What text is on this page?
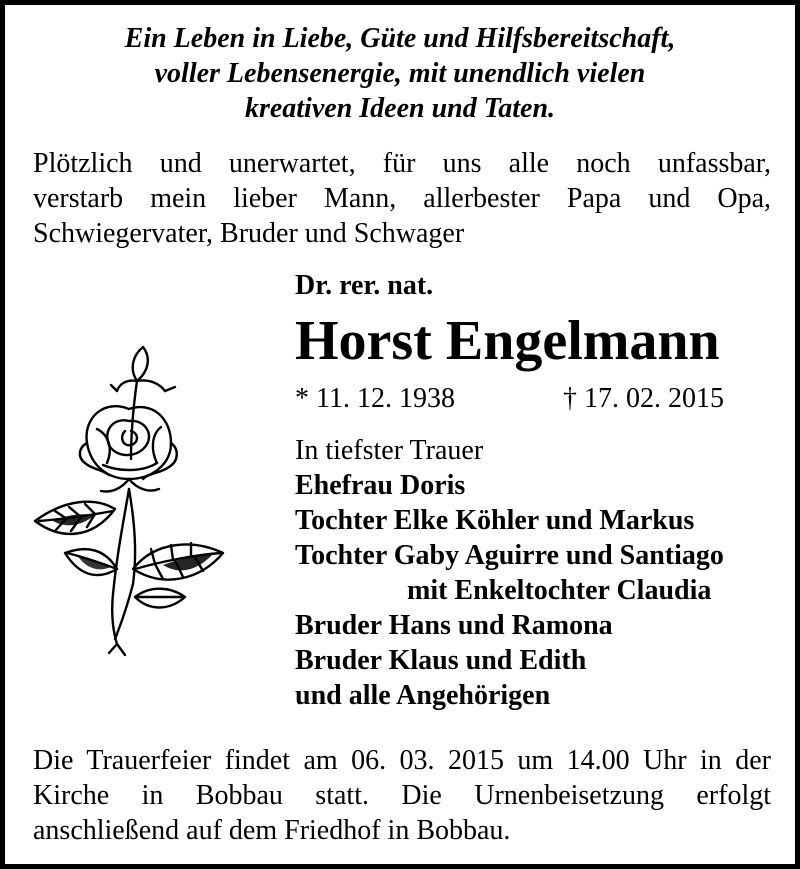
Ein Leben in Liebe, Güte und Hilfsbereitschaft,
voller Lebensenergie, mit unendlich vielen
kreativen Ideen und Taten.
Plötzlich und unerwartet, für uns alle noch unfassbar,
verstarb mein lieber Mann, allerbester Papa und Opa,
Schwiegervater, Bruder und Schwager
Dr. rer. nat.
Horst Engelmann
* 11. 12. 1938	† 17. 02. 2015
In tiefster Trauer
Ehefrau Doris
Tochter Elke Köhler und Markus
Tochter Gaby Aguirre und Santiago
mit Enkeltochter Claudia
Bruder Hans und Ramona
Bruder Klaus und Edith
und alle Angehörigen
Die Trauerfeier findet am 06. 03. 2015 um 14.00 Uhr in der
Kirche in Bobbau statt. Die Urnenbeisetzung erfolgt
anschließend auf dem Friedhof in Bobbau.
